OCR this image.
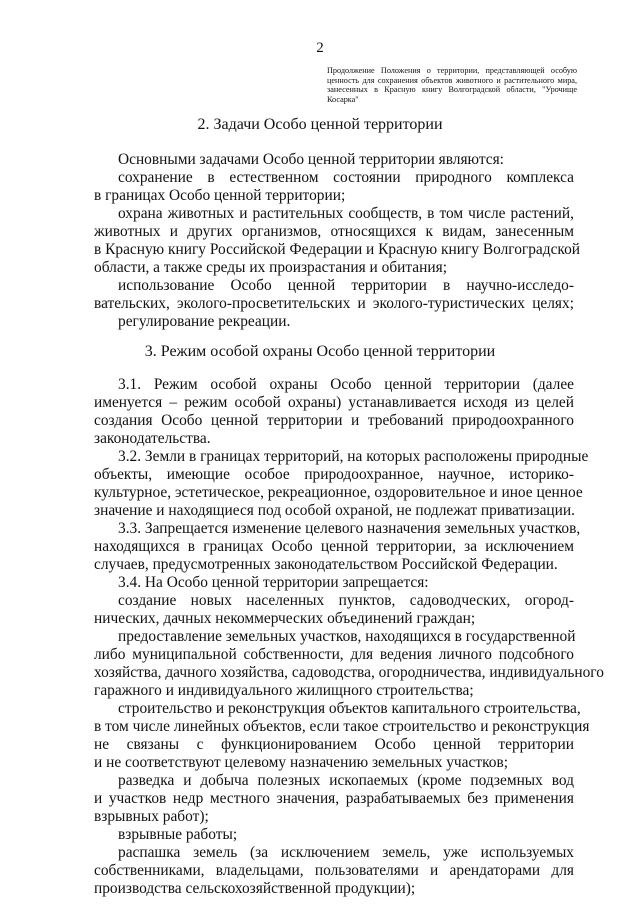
2
Продолжение Положения о территории, представляющей особую ценность для сохранения объектов животного и растительного мира, занесенных в Красную книгу Волгоградской области, "Урочище Косарка"
2. Задачи Особо ценной территории
Основными задачами Особо ценной территории являются:
сохранение в естественном состоянии природного комплекса
в границах Особо ценной территории;
охрана животных и растительных сообществ, в том числе растений,
животных и других организмов, относящихся к видам, занесенным
в Красную книгу Российской Федерации и Красную книгу Волгоградской
области, а также среды их произрастания и обитания;
использование Особо ценной территории в научно-исследо-
вательских, эколого-просветительских и эколого-туристических целях;
регулирование рекреации.
3. Режим особой охраны Особо ценной территории
3.1. Режим особой охраны Особо ценной территории (далее
именуется – режим особой охраны) устанавливается исходя из целей
создания Особо ценной территории и требований природоохранного
законодательства.
3.2. Земли в границах территорий, на которых расположены природные
объекты, имеющие особое природоохранное, научное, историко-
культурное, эстетическое, рекреационное, оздоровительное и иное ценное
значение и находящиеся под особой охраной, не подлежат приватизации.
3.3. Запрещается изменение целевого назначения земельных участков,
находящихся в границах Особо ценной территории, за исключением
случаев, предусмотренных законодательством Российской Федерации.
3.4. На Особо ценной территории запрещается:
создание новых населенных пунктов, садоводческих, огород-
нических, дачных некоммерческих объединений граждан;
предоставление земельных участков, находящихся в государственной
либо муниципальной собственности, для ведения личного подсобного
хозяйства, дачного хозяйства, садоводства, огородничества, индивидуального
гаражного и индивидуального жилищного строительства;
строительство и реконструкция объектов капитального строительства,
в том числе линейных объектов, если такое строительство и реконструкция
не связаны с функционированием Особо ценной территории
и не соответствуют целевому назначению земельных участков;
разведка и добыча полезных ископаемых (кроме подземных вод
и участков недр местного значения, разрабатываемых без применения
взрывных работ);
взрывные работы;
распашка земель (за исключением земель, уже используемых
собственниками, владельцами, пользователями и арендаторами для
производства сельскохозяйственной продукции);
